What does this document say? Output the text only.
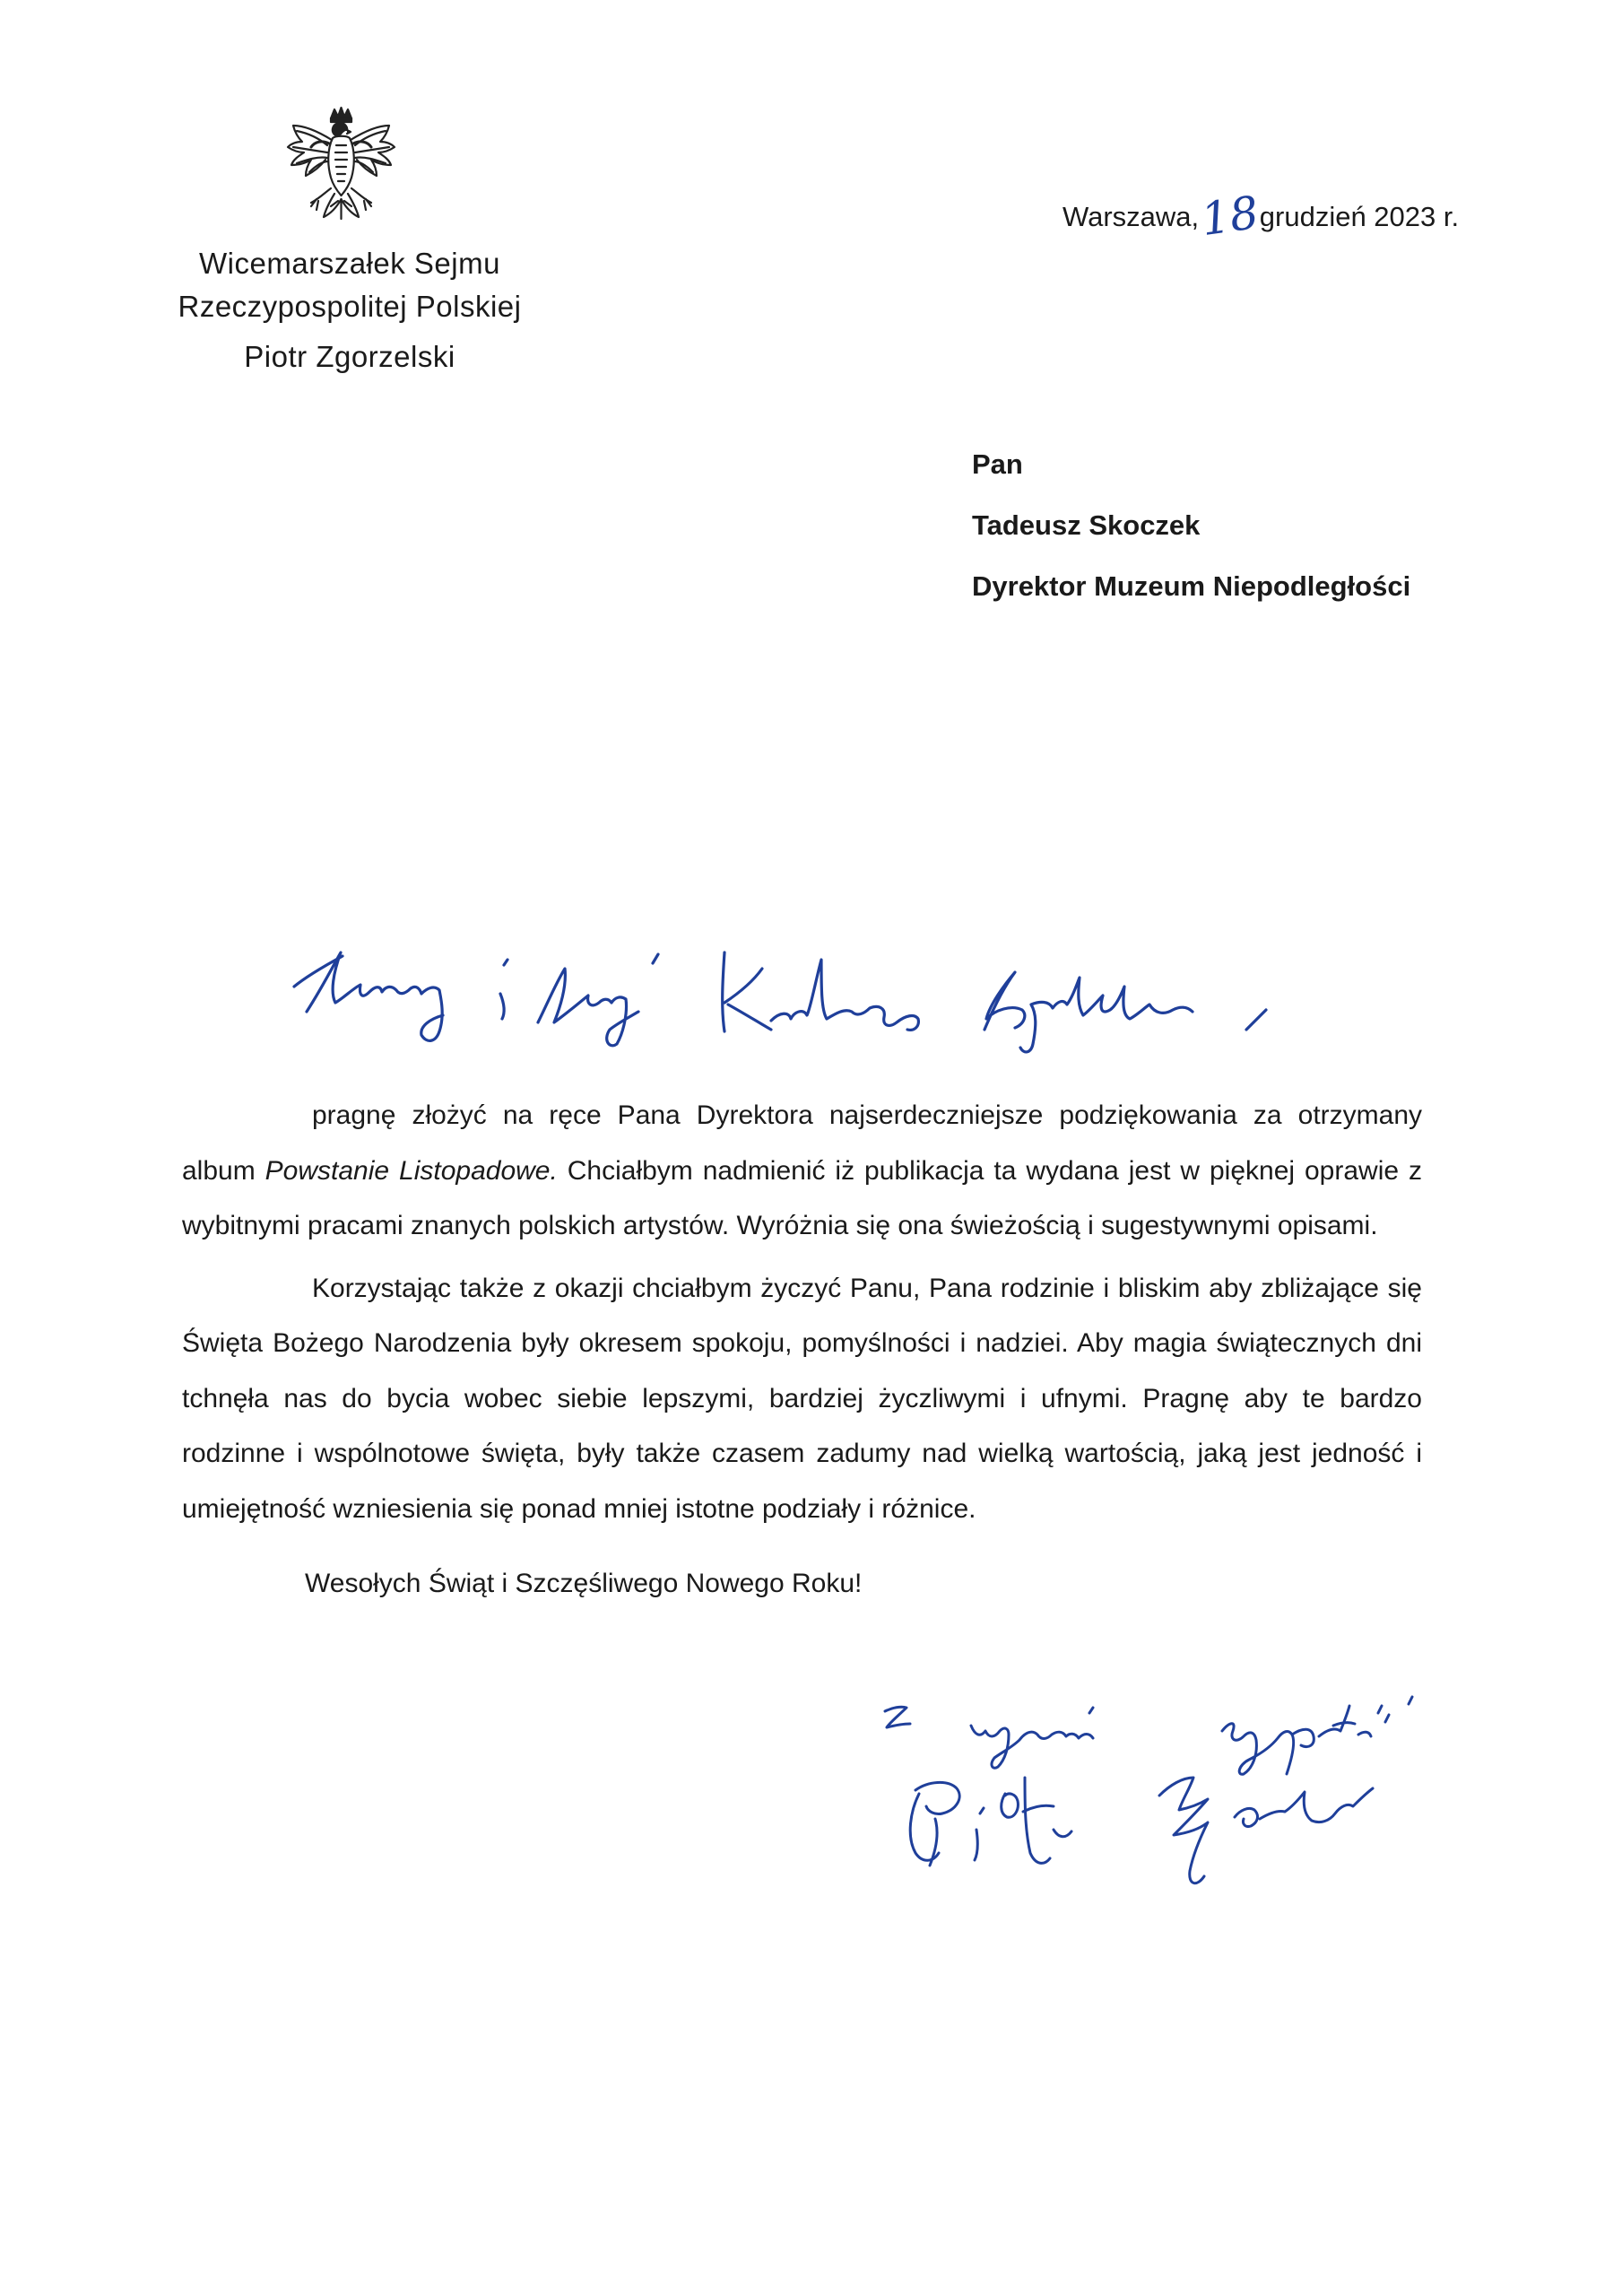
Wicemarszałek Sejmu
Rzeczypospolitej Polskiej
Piotr Zgorzelski
Warszawa,18grudzień 2023 r.
Pan
Tadeusz Skoczek
Dyrektor Muzeum Niepodległości

pragnę złożyć na ręce Pana Dyrektora najserdeczniejsze podziękowania za otrzymany album Powstanie Listopadowe. Chciałbym nadmienić iż publikacja ta wydana jest w pięknej oprawie z wybitnymi pracami znanych polskich artystów. Wyróżnia się ona świeżością i sugestywnymi opisami.

Korzystając także z okazji chciałbym życzyć Panu, Pana rodzinie i bliskim aby zbliżające się Święta Bożego Narodzenia były okresem spokoju, pomyślności i nadziei. Aby magia świątecznych dni tchnęła nas do bycia wobec siebie lepszymi, bardziej życzliwymi i ufnymi. Pragnę aby te bardzo rodzinne i wspólnotowe święta, były także czasem zadumy nad wielką wartością, jaką jest jedność i umiejętność wzniesienia się ponad mniej istotne podziały i różnice.

Wesołych Świąt i Szczęśliwego Nowego Roku!
